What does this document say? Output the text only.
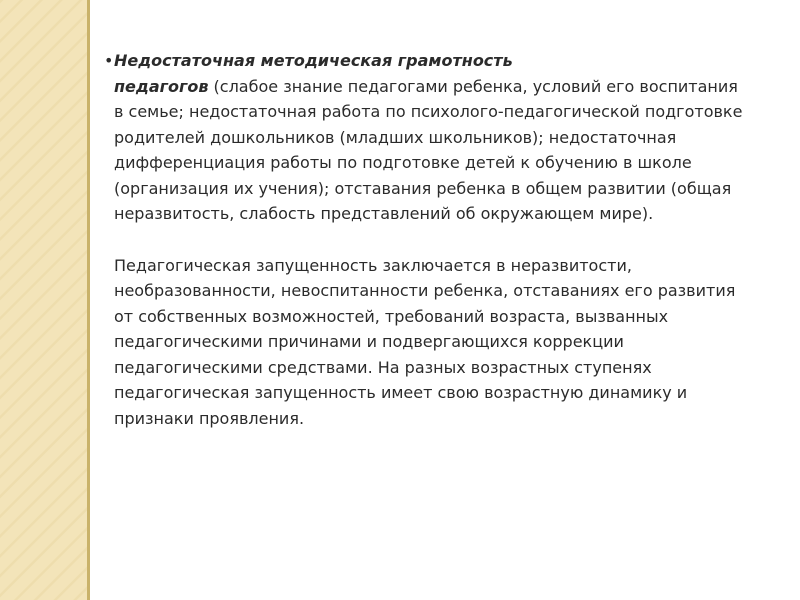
• Недостаточная методическая грамотность
педагогов (слабое знание педагогами ребенка, условий его воспитания в семье; недостаточная работа по психолого-педагогической подготовке родителей дошкольников (младших школьников); недостаточная дифференциация работы по подготовке детей к обучению в школе (организация их учения); отставания ребенка в общем развитии (общая неразвитость, слабость представлений об окружающем мире).
Педагогическая запущенность заключается в неразвитости, необразованности, невоспитанности ребенка, отставаниях его развития от собственных возможностей, требований возраста, вызванных педагогическими причинами и подвергающихся коррекции педагогическими средствами. На разных возрастных ступенях педагогическая запущенность имеет свою возрастную динамику и признаки проявления.
